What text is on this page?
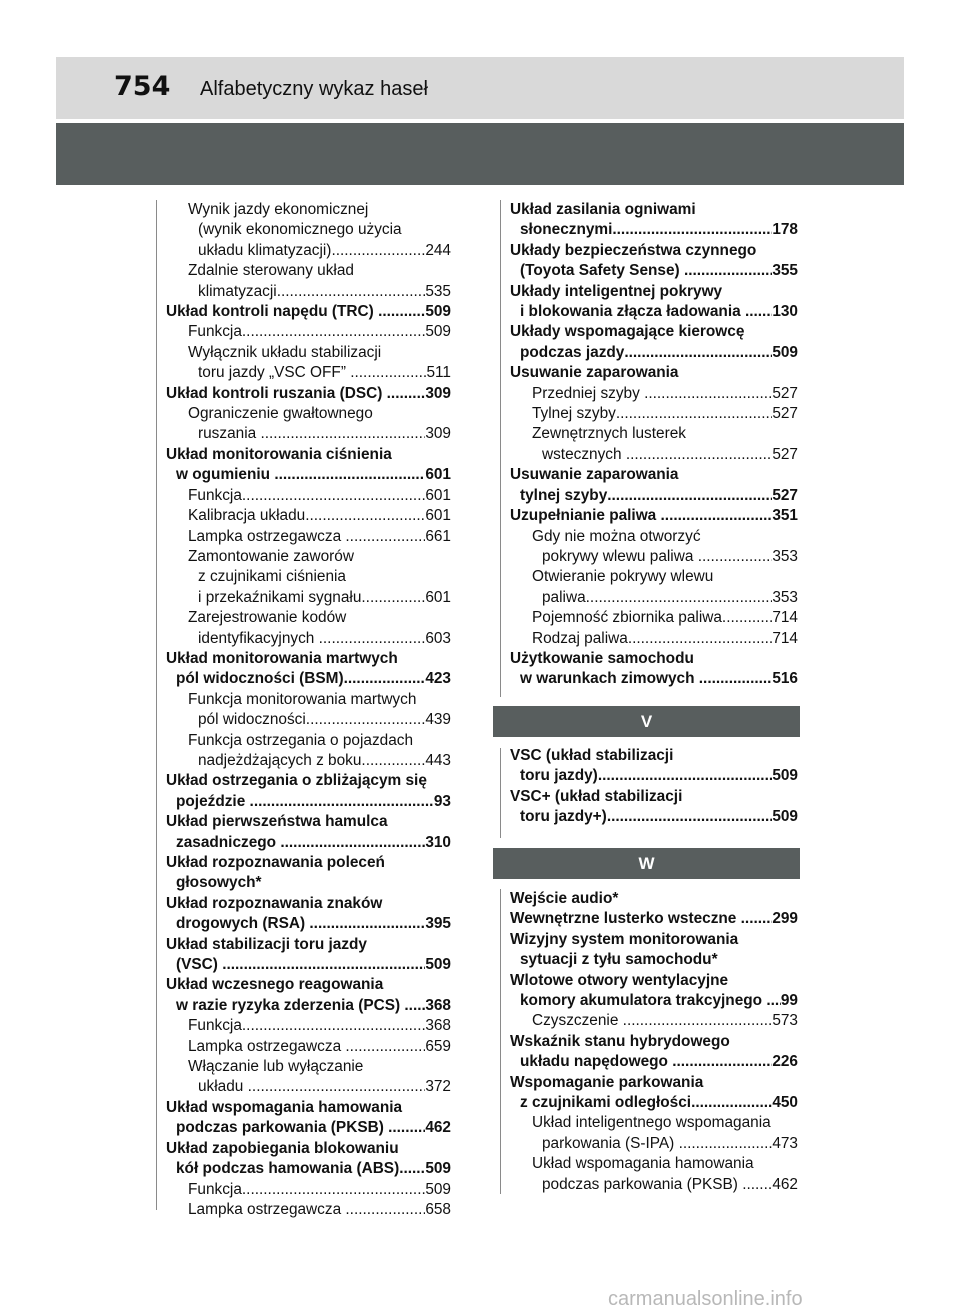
754 Alfabetyczny wykaz haseł
Wynik jazdy ekonomicznej
(wynik ekonomicznego użycia
układu klimatyzacji) .....	244
Zdalnie sterowany układ
klimatyzacji .....	535
Układ kontroli napędu (TRC) .....	509
Funkcja .....	509
Wyłącznik układu stabilizacji
toru jazdy „VSC OFF” .....	511
Układ kontroli ruszania (DSC) .....	309
Ograniczenie gwałtownego
ruszania .....	309
Układ monitorowania ciśnienia
w ogumieniu .....	601
Funkcja .....	601
Kalibracja układu .....	601
Lampka ostrzegawcza .....	661
Zamontowanie zaworów
z czujnikami ciśnienia
i przekaźnikami sygnału .....	601
Zarejestrowanie kodów
identyfikacyjnych .....	603
Układ monitorowania martwych
pól widoczności (BSM) .....	423
Funkcja monitorowania martwych
pól widoczności .....	439
Funkcja ostrzegania o pojazdach
nadjeżdżających z boku .....	443
Układ ostrzegania o zbliżającym się
pojeździe .....	93
Układ pierwszeństwa hamulca
zasadniczego .....	310
Układ rozpoznawania poleceń
głosowych*
Układ rozpoznawania znaków
drogowych (RSA) .....	395
Układ stabilizacji toru jazdy
(VSC) .....	509
Układ wczesnego reagowania
w razie ryzyka zderzenia (PCS) ..... 368
Funkcja .....	368
Lampka ostrzegawcza .....	659
Włączanie lub wyłączanie
układu .....	372
Układ wspomagania hamowania
podczas parkowania (PKSB) ..... 462
Układ zapobiegania blokowaniu
kół podczas hamowania (ABS) ..... 509
Funkcja .....	509
Lampka ostrzegawcza .....	658
Układ zasilania ogniwami
słonecznymi .....	178
Układy bezpieczeństwa czynnego
(Toyota Safety Sense) .....	355
Układy inteligentnej pokrywy
i blokowania złącza ładowania ..... 130
Układy wspomagające kierowcę
podczas jazdy .....	509
Usuwanie zaparowania
Przedniej szyby .....	527
Tylnej szyby .....	527
Zewnętrznych lusterek
wstecznych .....	527
Usuwanie zaparowania
tylnej szyby .....	527
Uzupełnianie paliwa .....	351
Gdy nie można otworzyć
pokrywy wlewu paliwa .....	353
Otwieranie pokrywy wlewu
paliwa .....	353
Pojemność zbiornika paliwa .....	714
Rodzaj paliwa .....	714
Użytkowanie samochodu
w warunkach zimowych .....	516
V
VSC (układ stabilizacji
toru jazdy) .....	509
VSC+ (układ stabilizacji
toru jazdy+) .....	509
W
Wejście audio*
Wewnętrzne lusterko wsteczne ..... 299
Wizyjny system monitorowania
sytuacji z tyłu samochodu*
Wlotowe otwory wentylacyjne
komory akumulatora trakcyjnego ..... 99
Czyszczenie .....	573
Wskaźnik stanu hybrydowego
układu napędowego .....	226
Wspomaganie parkowania
z czujnikami odległości .....	450
Układ inteligentnego wspomagania
parkowania (S-IPA) .....	473
Układ wspomagania hamowania
podczas parkowania (PKSB) ..... 462
carmanualsonline.info
